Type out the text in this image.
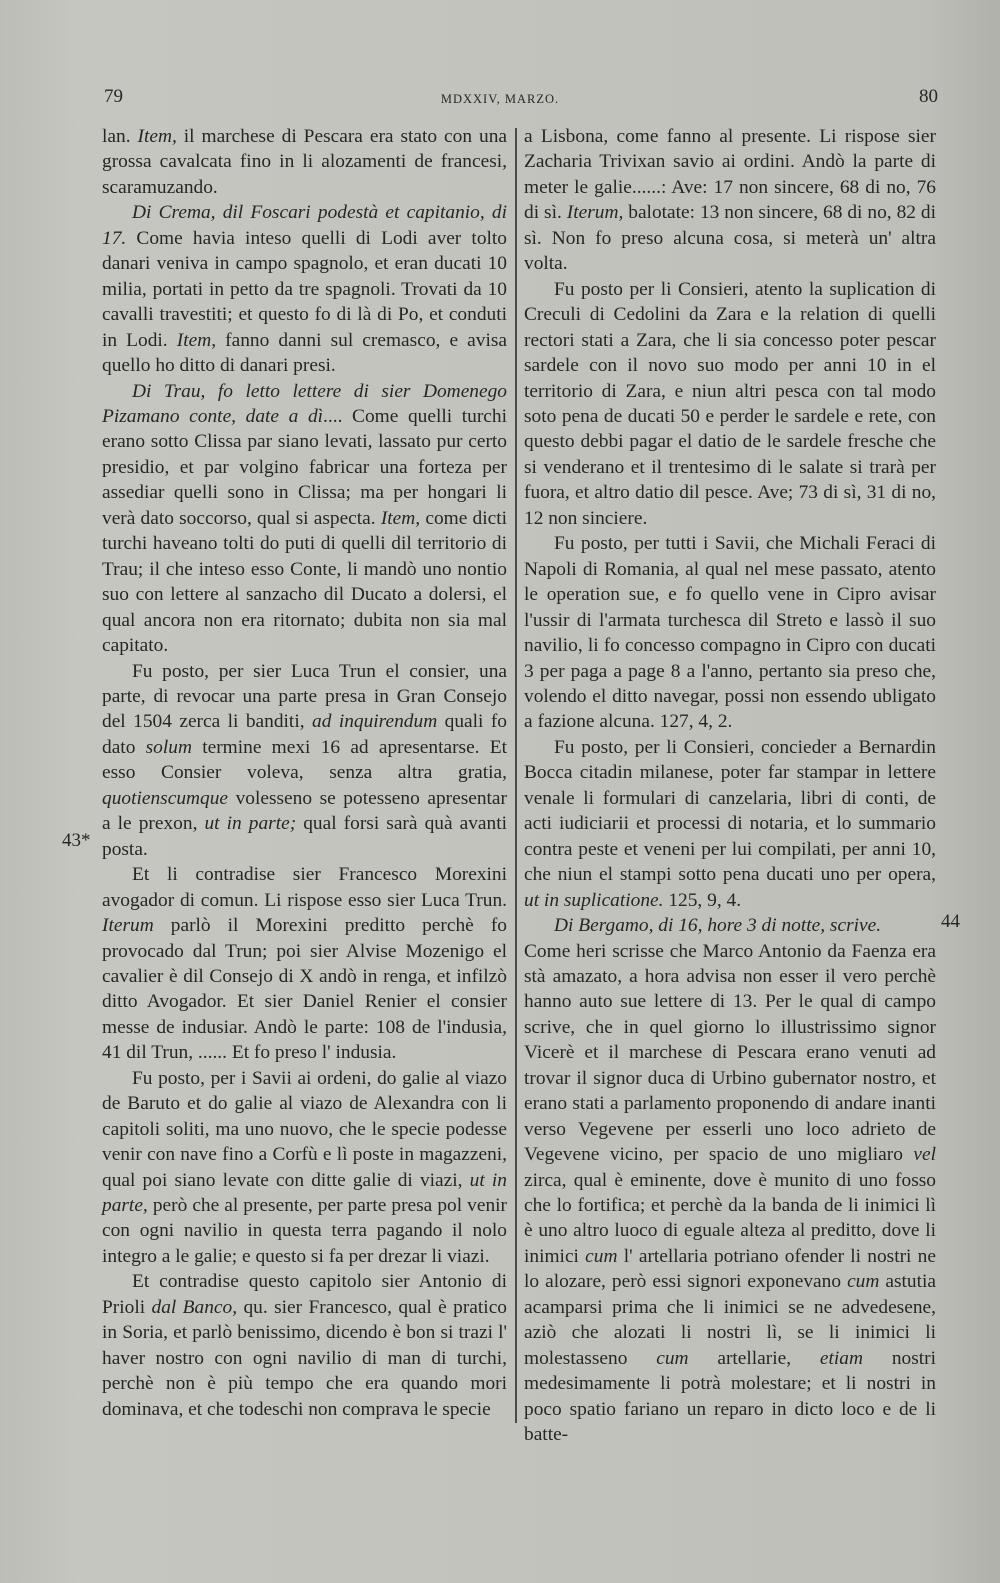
79	MDXXIV, MARZO.	80
43*
44

lan. Item, il marchese di Pescara era stato con una grossa cavalcata fino in li alozamenti de francesi, scaramuzando.

Di Crema, dil Foscari podestà et capitanio, di 17. Come havia inteso quelli di Lodi aver tolto danari veniva in campo spagnolo, et eran ducati 10 milia, portati in petto da tre spagnoli. Trovati da 10 cavalli travestiti; et questo fo di là di Po, et conduti in Lodi. Item, fanno danni sul cremasco, e avisa quello ho ditto di danari presi.

Di Trau, fo letto lettere di sier Domenego Pizamano conte, date a dì.... Come quelli turchi erano sotto Clissa par siano levati, lassato pur certo presidio, et par volgino fabricar una forteza per assediar quelli sono in Clissa; ma per hongari li verà dato soccorso, qual si aspecta. Item, come dicti turchi haveano tolti do puti di quelli dil territorio di Trau; il che inteso esso Conte, li mandò uno nontio suo con lettere al sanzacho dil Ducato a dolersi, el qual ancora non era ritornato; dubita non sia mal capitato.

Fu posto, per sier Luca Trun el consier, una parte, di revocar una parte presa in Gran Consejo del 1504 zerca li banditi, ad inquirendum quali fo dato solum termine mexi 16 ad apresentarse. Et esso Consier voleva, senza altra gratia, quotienscumque volesseno se potesseno apresentar a le prexon, ut in parte; qual forsi sarà quà avanti posta.

Et li contradise sier Francesco Morexini avogador di comun. Li rispose esso sier Luca Trun. Iterum parlò il Morexini preditto perchè fo provocado dal Trun; poi sier Alvise Mozenigo el cavalier è dil Consejo di X andò in renga, et infilzò ditto Avogador. Et sier Daniel Renier el consier messe de indusiar. Andò le parte: 108 de l'indusia, 41 dil Trun, ...... Et fo preso l' indusia.

Fu posto, per i Savii ai ordeni, do galie al viazo de Baruto et do galie al viazo de Alexandra con li capitoli soliti, ma uno nuovo, che le specie podesse venir con nave fino a Corfù e lì poste in magazzeni, qual poi siano levate con ditte galie di viazi, ut in parte, però che al presente, per parte presa pol venir con ogni navilio in questa terra pagando il nolo integro a le galie; e questo si fa per drezar li viazi.

Et contradise questo capitolo sier Antonio di Prioli dal Banco, qu. sier Francesco, qual è pratico in Soria, et parlò benissimo, dicendo è bon si trazi l' haver nostro con ogni navilio di man di turchi, perchè non è più tempo che era quando mori dominava, et che todeschi non comprava le specie

a Lisbona, come fanno al presente. Li rispose sier Zacharia Trivixan savio ai ordini. Andò la parte di meter le galie......: Ave: 17 non sincere, 68 di no, 76 di sì. Iterum, balotate: 13 non sincere, 68 di no, 82 di sì. Non fo preso alcuna cosa, si meterà un' altra volta.

Fu posto per li Consieri, atento la suplication di Creculi di Cedolini da Zara e la relation di quelli rectori stati a Zara, che li sia concesso poter pescar sardele con il novo suo modo per anni 10 in el territorio di Zara, e niun altri pesca con tal modo soto pena de ducati 50 e perder le sardele e rete, con questo debbi pagar el datio de le sardele fresche che si venderano et il trentesimo di le salate si trarà per fuora, et altro datio dil pesce. Ave; 73 di sì, 31 di no, 12 non sinciere.

Fu posto, per tutti i Savii, che Michali Feraci di Napoli di Romania, al qual nel mese passato, atento le operation sue, e fo quello vene in Cipro avisar l'ussir di l'armata turchesca dil Streto e lassò il suo navilio, li fo concesso compagno in Cipro con ducati 3 per paga a page 8 a l'anno, pertanto sia preso che, volendo el ditto navegar, possi non essendo ubligato a fazione alcuna. 127, 4, 2.

Fu posto, per li Consieri, concieder a Bernardin Bocca citadin milanese, poter far stampar in lettere venale li formulari di canzelaria, libri di conti, de acti iudiciarii et processi di notaria, et lo summario contra peste et veneni per lui compilati, per anni 10, che niun el stampi sotto pena ducati uno per opera, ut in suplicatione. 125, 9, 4.

Di Bergamo, di 16, hore 3 di notte, scrive.

Come heri scrisse che Marco Antonio da Faenza era stà amazato, a hora advisa non esser il vero perchè hanno auto sue lettere di 13. Per le qual di campo scrive, che in quel giorno lo illustrissimo signor Vicerè et il marchese di Pescara erano venuti ad trovar il signor duca di Urbino gubernator nostro, et erano stati a parlamento proponendo di andare inanti verso Vegevene per esserli uno loco adrieto de Vegevene vicino, per spacio de uno migliaro vel zirca, qual è eminente, dove è munito di uno fosso che lo fortifica; et perchè da la banda de li inimici lì è uno altro luoco di eguale alteza al preditto, dove li inimici cum l' artellaria potriano ofender li nostri ne lo alozare, però essi signori exponevano cum astutia acamparsi prima che li inimici se ne advedesene, aziò che alozati li nostri lì, se li inimici li molestasseno cum artellarie, etiam nostri medesimamente li potrà molestare; et li nostri in poco spatio fariano un reparo in dicto loco e de li batte-
